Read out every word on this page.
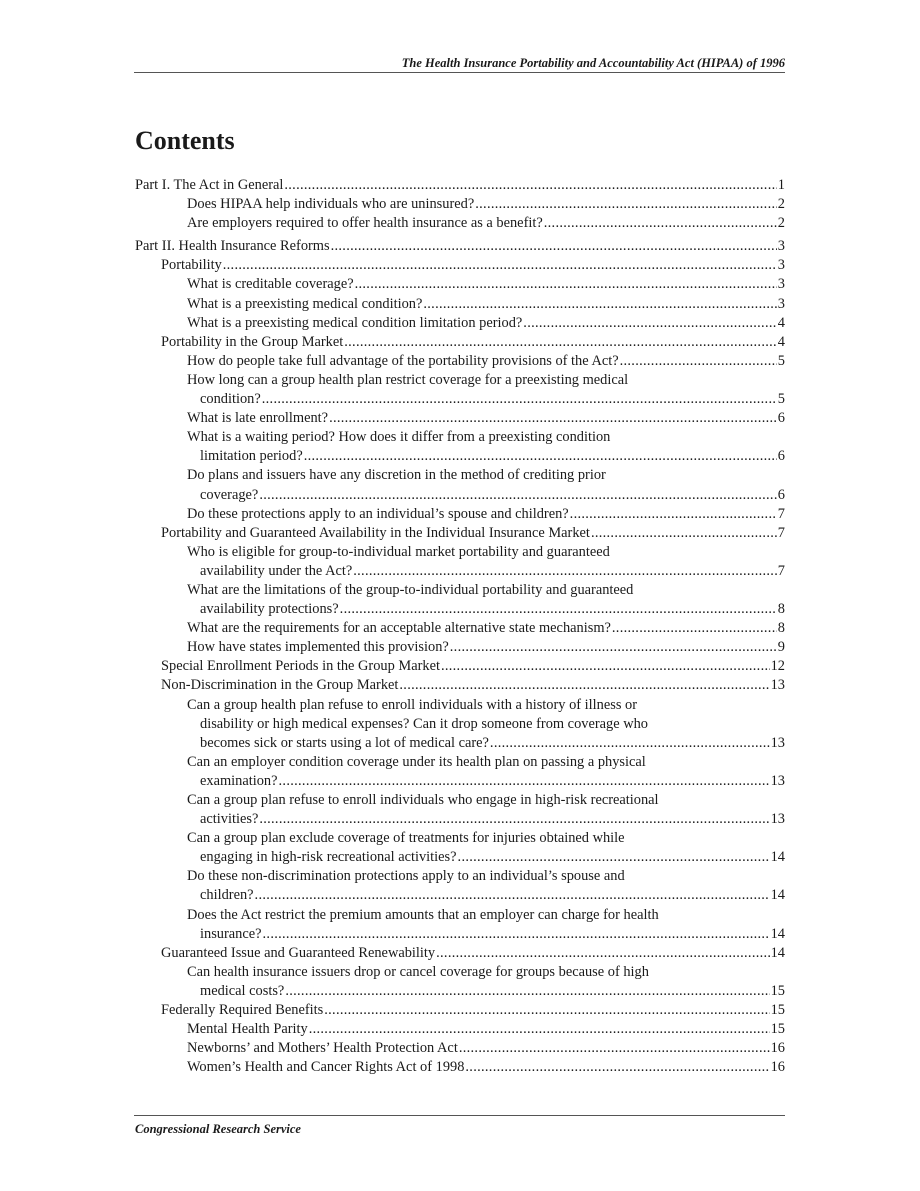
The Health Insurance Portability and Accountability Act (HIPAA) of 1996
Contents
Part I. The Act in General .....	1
Does HIPAA help individuals who are uninsured? .....	2
Are employers required to offer health insurance as a benefit? .....	2
Part II. Health Insurance Reforms .....	3
Portability .....	3
What is creditable coverage? .....	3
What is a preexisting medical condition? .....	3
What is a preexisting medical condition limitation period? .....	4
Portability in the Group Market .....	4
How do people take full advantage of the portability provisions of the Act? .....	5
How long can a group health plan restrict coverage for a preexisting medical
condition? .....	5
What is late enrollment? .....	6
What is a waiting period? How does it differ from a preexisting condition
limitation period? .....	6
Do plans and issuers have any discretion in the method of crediting prior
coverage? .....	6
Do these protections apply to an individual’s spouse and children? .....	7
Portability and Guaranteed Availability in the Individual Insurance Market .....	7
Who is eligible for group-to-individual market portability and guaranteed
availability under the Act? .....	7
What are the limitations of the group-to-individual portability and guaranteed
availability protections? .....	8
What are the requirements for an acceptable alternative state mechanism? .....	8
How have states implemented this provision? .....	9
Special Enrollment Periods in the Group Market .....	12
Non-Discrimination in the Group Market .....	13
Can a group health plan refuse to enroll individuals with a history of illness or
disability or high medical expenses? Can it drop someone from coverage who
becomes sick or starts using a lot of medical care? .....	13
Can an employer condition coverage under its health plan on passing a physical
examination? .....	13
Can a group plan refuse to enroll individuals who engage in high-risk recreational
activities? .....	13
Can a group plan exclude coverage of treatments for injuries obtained while
engaging in high-risk recreational activities? .....	14
Do these non-discrimination protections apply to an individual’s spouse and
children? .....	14
Does the Act restrict the premium amounts that an employer can charge for health
insurance? .....	14
Guaranteed Issue and Guaranteed Renewability .....	14
Can health insurance issuers drop or cancel coverage for groups because of high
medical costs? .....	15
Federally Required Benefits .....	15
Mental Health Parity .....	15
Newborns’ and Mothers’ Health Protection Act .....	16
Women’s Health and Cancer Rights Act of 1998 .....	16
Congressional Research Service
